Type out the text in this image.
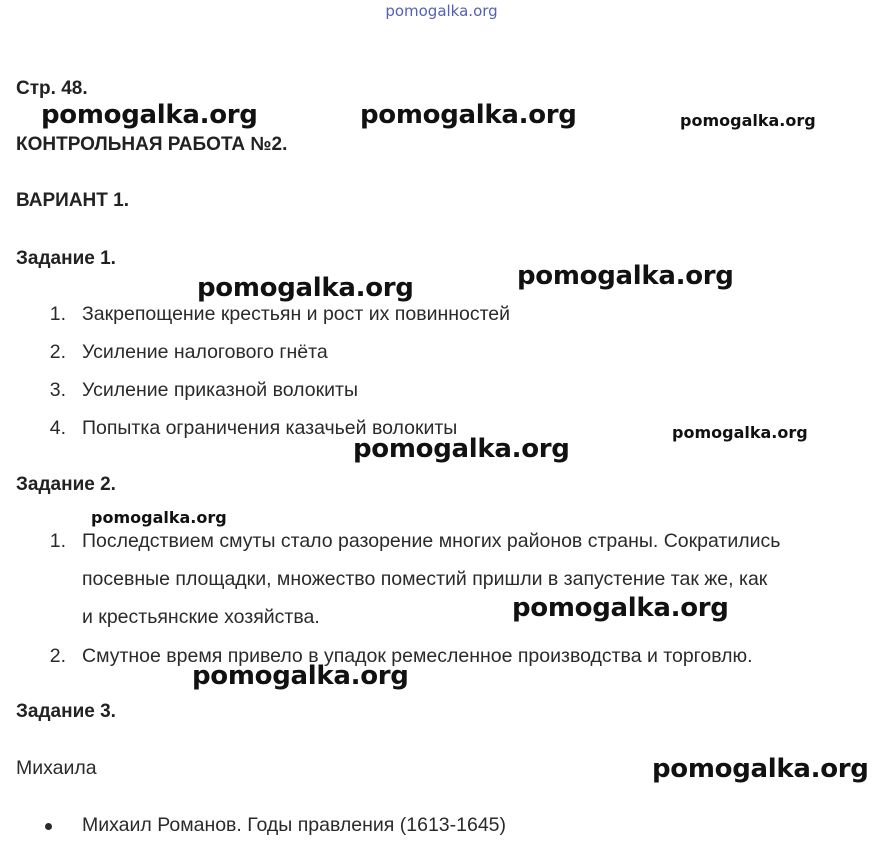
pomogalka.org
Стр. 48.
КОНТРОЛЬНАЯ РАБОТА №2.
ВАРИАНТ 1.
Задание 1.
1. Закрепощение крестьян и рост их повинностей
2. Усиление налогового гнёта
3. Усиление приказной волокиты
4. Попытка ограничения казачьей волокиты
Задание 2.
1. Последствием смуты стало разорение многих районов страны. Сократились
посевные площадки, множество поместий пришли в запустение так же, как
и крестьянские хозяйства.
2. Смутное время привело в упадок ремесленное производства и торговлю.
Задание 3.
Михаила
Михаил Романов. Годы правления (1613-1645)
pomogalka.org	pomogalka.org	pomogalka.org
pomogalka.org
pomogalka.org
pomogalka.org
pomogalka.org
pomogalka.org
pomogalka.org
pomogalka.org
pomogalka.org
